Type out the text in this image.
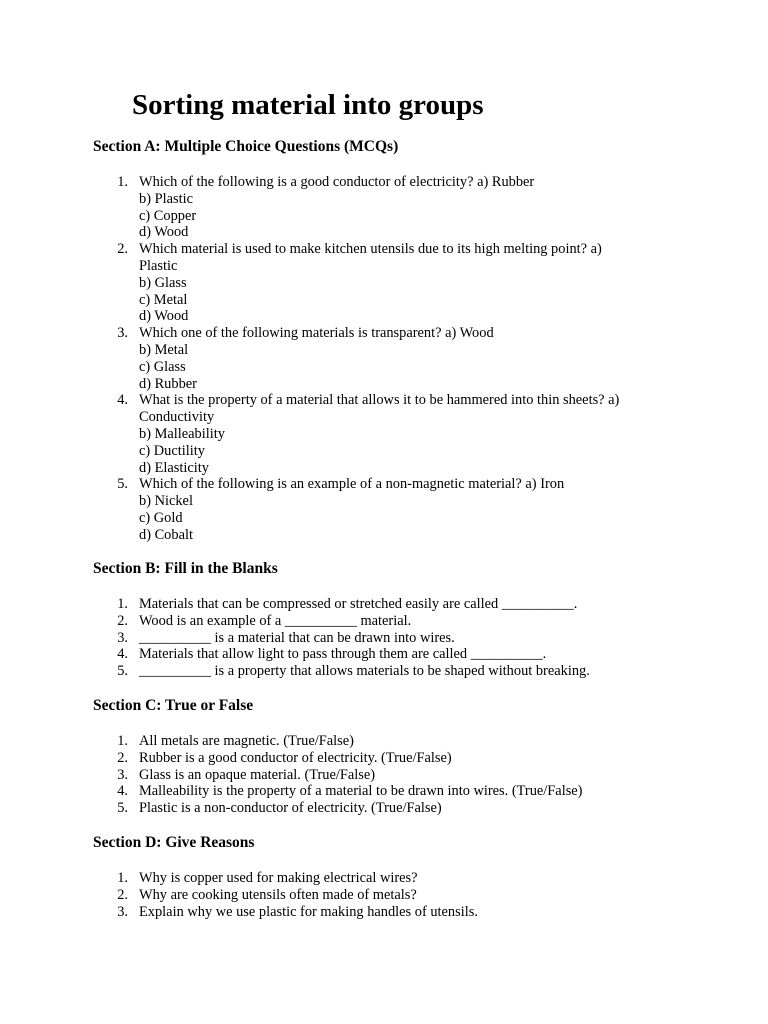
Sorting material into groups
Section A: Multiple Choice Questions (MCQs)
1. Which of the following is a good conductor of electricity? a) Rubber
b) Plastic
c) Copper
d) Wood
2. Which material is used to make kitchen utensils due to its high melting point? a)
Plastic
b) Glass
c) Metal
d) Wood
3. Which one of the following materials is transparent? a) Wood
b) Metal
c) Glass
d) Rubber
4. What is the property of a material that allows it to be hammered into thin sheets? a)
Conductivity
b) Malleability
c) Ductility
d) Elasticity
5. Which of the following is an example of a non-magnetic material? a) Iron
b) Nickel
c) Gold
d) Cobalt
Section B: Fill in the Blanks
1. Materials that can be compressed or stretched easily are called __________.
2. Wood is an example of a __________ material.
3. __________ is a material that can be drawn into wires.
4. Materials that allow light to pass through them are called __________.
5. __________ is a property that allows materials to be shaped without breaking.
Section C: True or False
1. All metals are magnetic. (True/False)
2. Rubber is a good conductor of electricity. (True/False)
3. Glass is an opaque material. (True/False)
4. Malleability is the property of a material to be drawn into wires. (True/False)
5. Plastic is a non-conductor of electricity. (True/False)
Section D: Give Reasons
1. Why is copper used for making electrical wires?
2. Why are cooking utensils often made of metals?
3. Explain why we use plastic for making handles of utensils.
